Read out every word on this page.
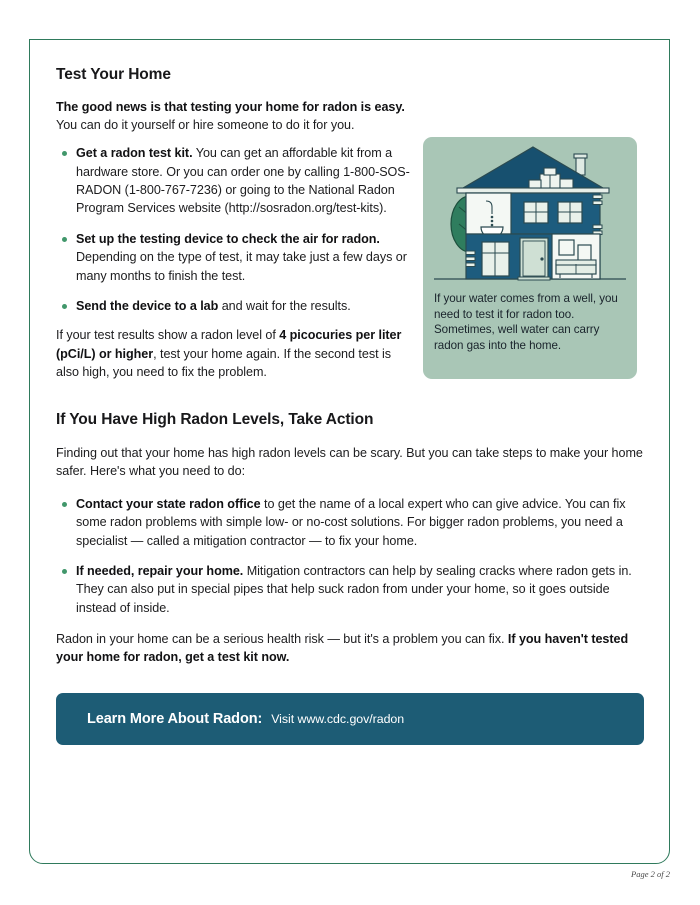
Test Your Home

The good news is that testing your home for radon is easy. You can do it yourself or hire someone to do it for you.

Get a radon test kit. You can get an affordable kit from a hardware store. Or you can order one by calling 1-800-SOS-RADON (1-800-767-7236) or going to the National Radon Program Services website (http://sosradon.org/test-kits).
Set up the testing device to check the air for radon. Depending on the type of test, it may take just a few days or many months to finish the test.
Send the device to a lab and wait for the results.

If your test results show a radon level of 4 picocuries per liter (pCi/L) or higher, test your home again. If the second test is also high, you need to fix the problem.

If your water comes from a well, you need to test it for radon too. Sometimes, well water can carry radon gas into the home.
If You Have High Radon Levels, Take Action

Finding out that your home has high radon levels can be scary. But you can take steps to make your home safer. Here's what you need to do:

Contact your state radon office to get the name of a local expert who can give advice. You can fix some radon problems with simple low- or no-cost solutions. For bigger radon problems, you need a specialist — called a mitigation contractor — to fix your home.
If needed, repair your home. Mitigation contractors can help by sealing cracks where radon gets in. They can also put in special pipes that help suck radon from under your home, so it goes outside instead of inside.

Radon in your home can be a serious health risk — but it's a problem you can fix. If you haven't tested your home for radon, get a test kit now.

Learn More About Radon: Visit www.cdc.gov/radon
Page 2 of 2
